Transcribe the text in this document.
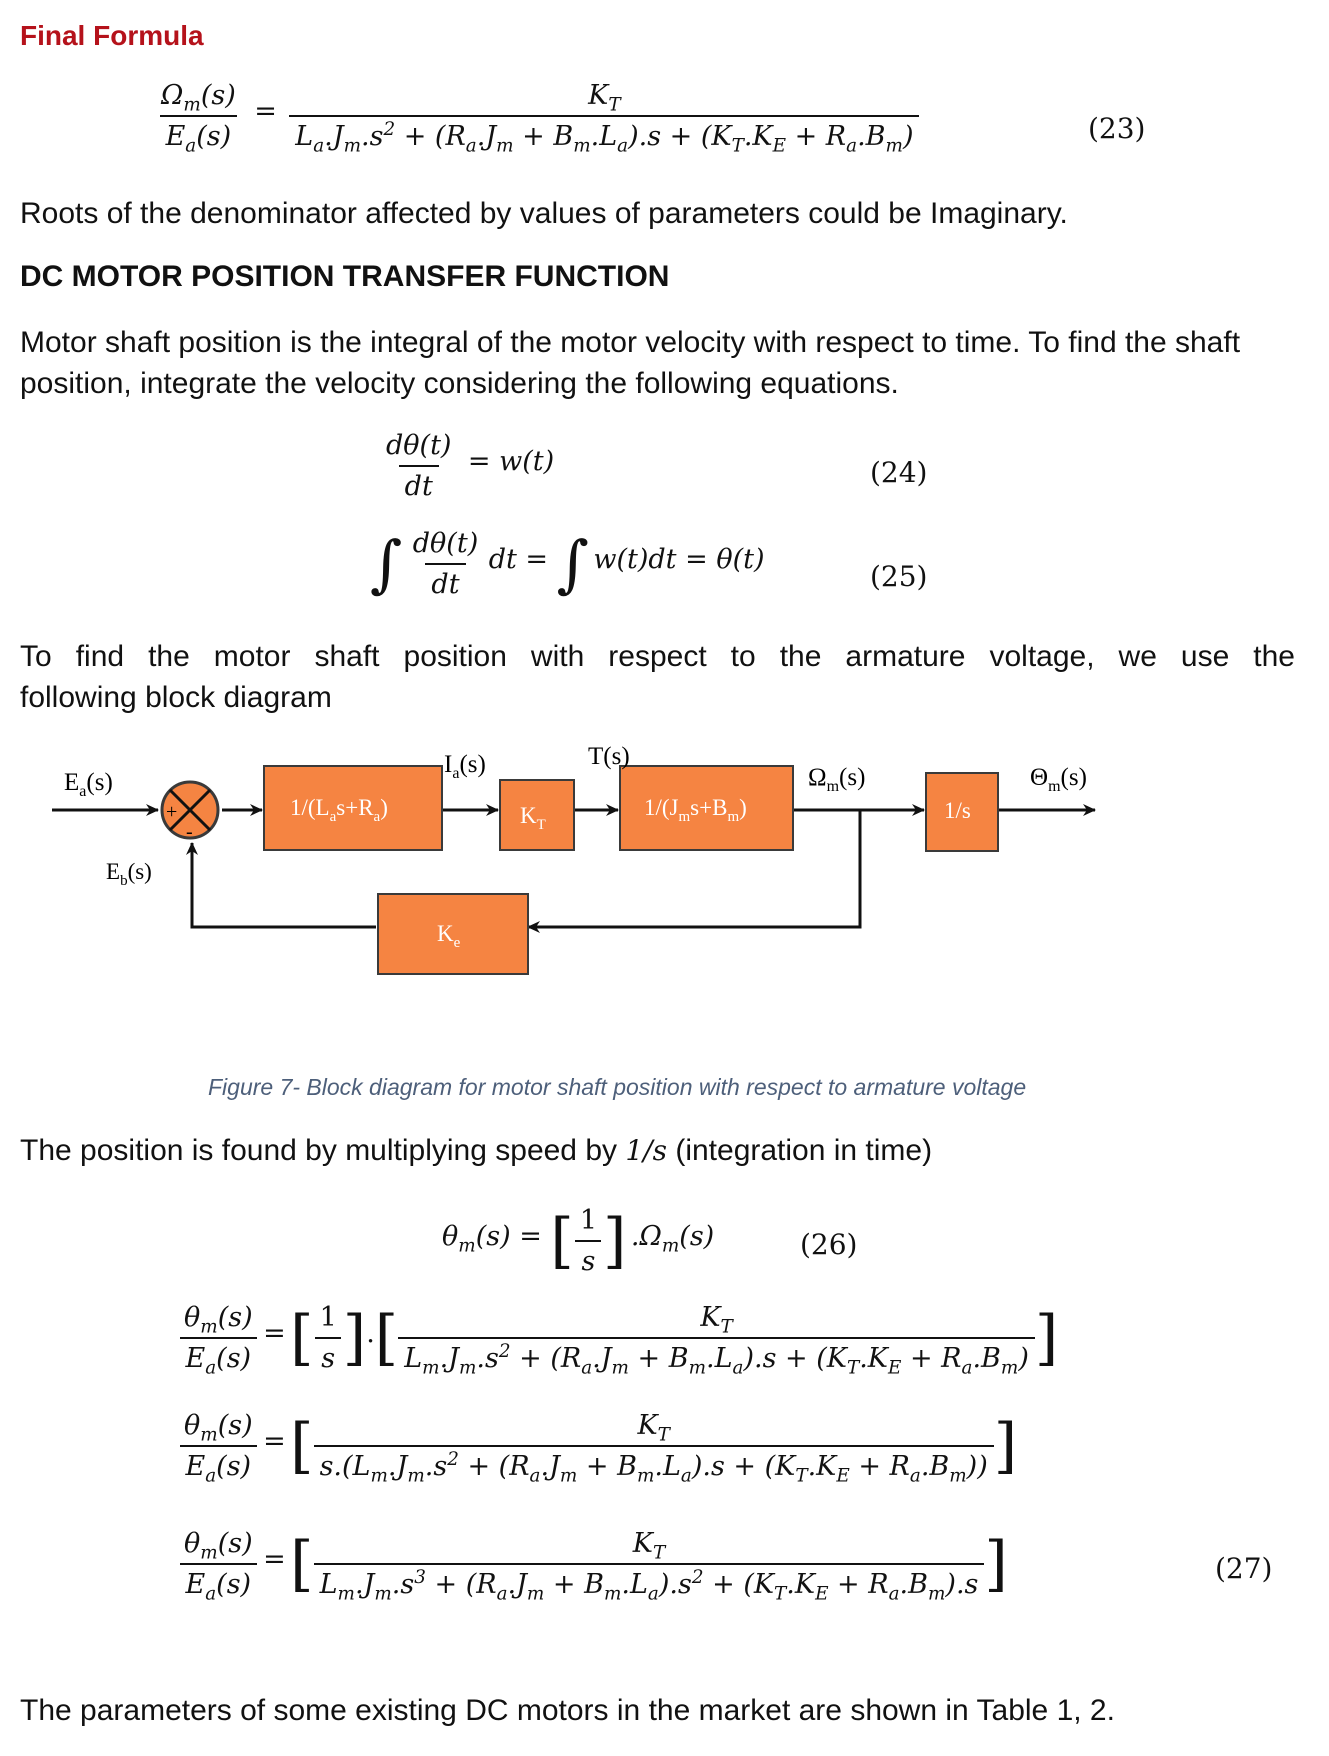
Final Formula
$\frac{\Omega_m(s)}{E_a(s)} = \frac{K_T}{L_a.J_m.s^2 + (R_a.J_m + B_m.L_a).s + (K_T.K_E + R_a.B_m)}$	(23)
Roots of the denominator affected by values of parameters could be Imaginary.
DC MOTOR POSITION TRANSFER FUNCTION
Motor shaft position is the integral of the motor velocity with respect to time. To find the shaft position, integrate the velocity considering the following equations.
$\frac{d\theta(t)}{dt} = w(t)$	(24)
∫ $\frac{d\theta(t)}{dt}$ dt = ∫ w(t)dt = θ(t)
(25)
To find the motor shaft position with respect to the armature voltage, we use the
following block diagram
+
-
$1/(L_as+R_a)$	$K_T$
$1/(J_ms+B_m)$	1/s
$K_e$
$E_a(s)$
$E_b(s)$
$I_a(s)$	T(s)
$\Omega_m(s)$	$\Theta_m(s)$
Figure 7- Block diagram for motor shaft position with respect to armature voltage
The position is found by multiplying speed by 1/s (integration in time)
$\theta_m(s)$ = [ $\frac{1}{s}$ ] $.\Omega_m(s)$	(26)
$\frac{\theta_m(s)}{E_a(s)}$ = [ $\frac{1}{s}$ ].[ $\frac{K_T}{L_m.J_m.s^2 + (R_a.J_m + B_m.L_a).s + (K_T.K_E + R_a.B_m)}$ ]
$\frac{\theta_m(s)}{E_a(s)}$ = [ $\frac{K_T}{s.(L_m.J_m.s^2 + (R_a.J_m + B_m.L_a).s + (K_T.K_E + R_a.B_m))}$ ]
$\frac{\theta_m(s)}{E_a(s)}$ = [ $\frac{K_T}{L_m.J_m.s^3 + (R_a.J_m + B_m.L_a).s^2 + (K_T.K_E + R_a.B_m).s}$ ]	(27)
The parameters of some existing DC motors in the market are shown in Table 1, 2.
